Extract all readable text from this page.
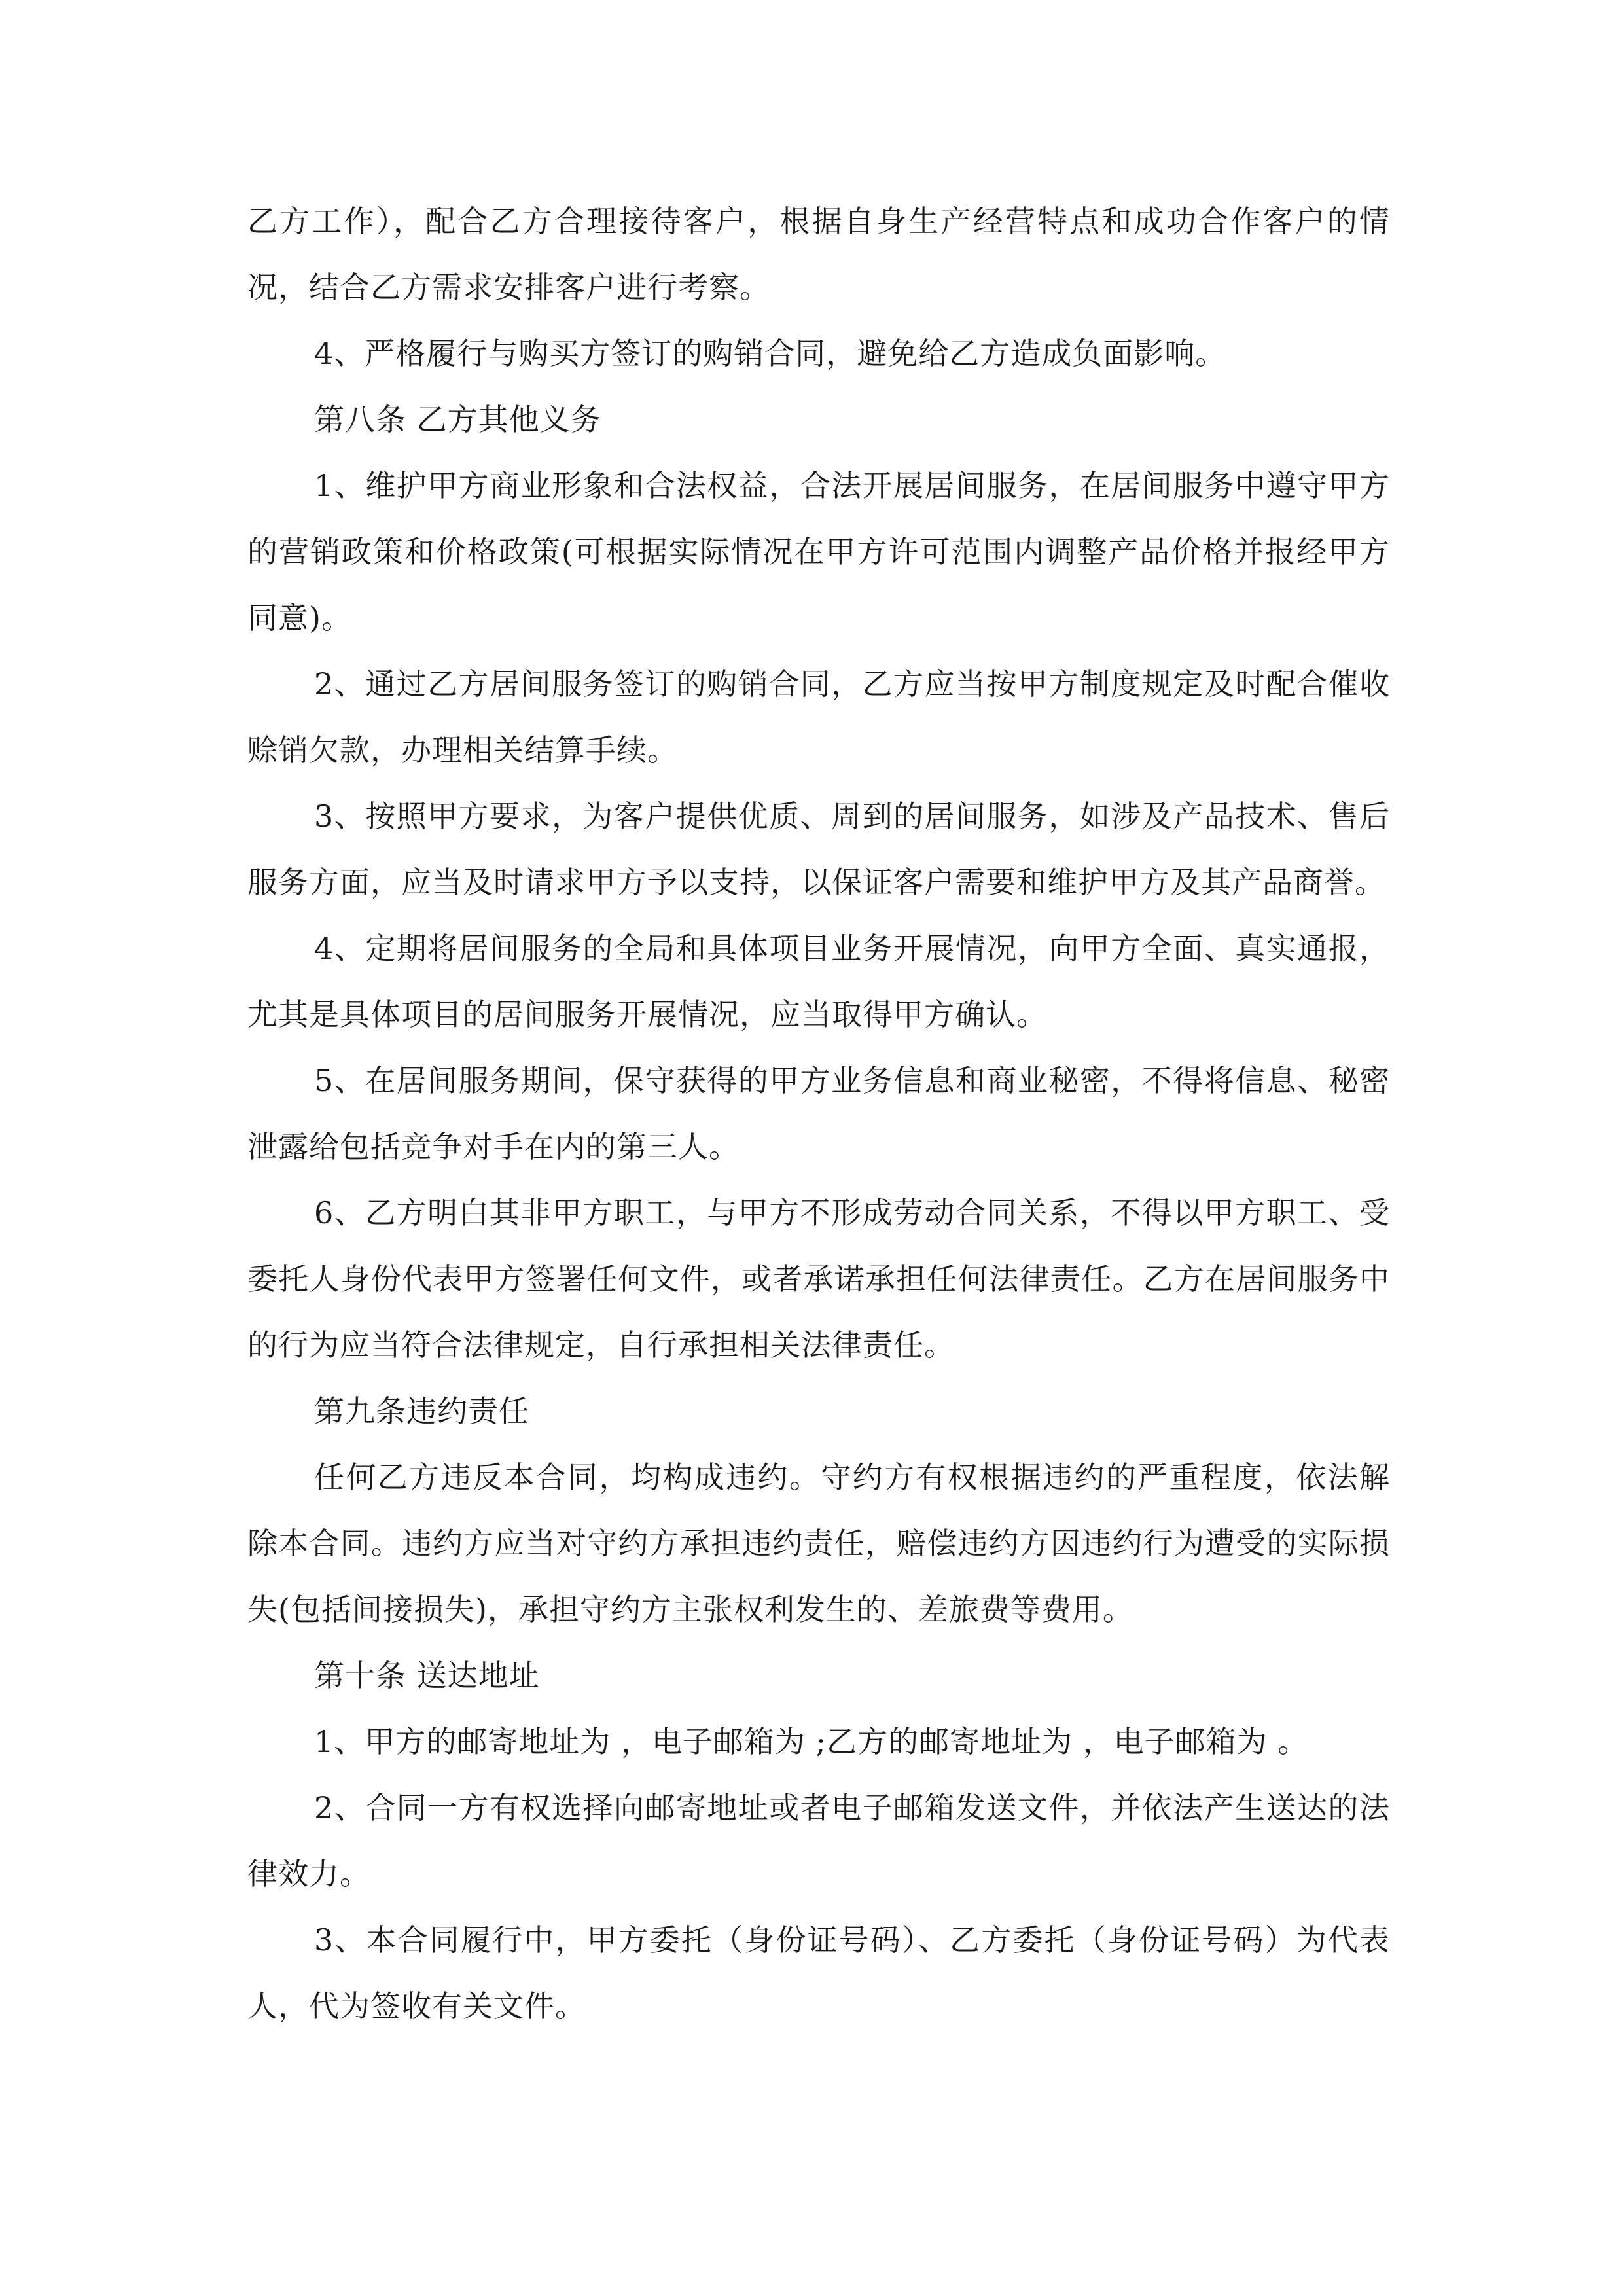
乙方工作），配合乙方合理接待客户，根据自身生产经营特点和成功合作客户的情况，结合乙方需求安排客户进行考察。

4、严格履行与购买方签订的购销合同，避免给乙方造成负面影响。

第八条 乙方其他义务

1、维护甲方商业形象和合法权益，合法开展居间服务，在居间服务中遵守甲方的营销政策和价格政策(可根据实际情况在甲方许可范围内调整产品价格并报经甲方同意)。

2、通过乙方居间服务签订的购销合同，乙方应当按甲方制度规定及时配合催收赊销欠款，办理相关结算手续。

3、按照甲方要求，为客户提供优质、周到的居间服务，如涉及产品技术、售后服务方面，应当及时请求甲方予以支持，以保证客户需要和维护甲方及其产品商誉。

4、定期将居间服务的全局和具体项目业务开展情况，向甲方全面、真实通报，尤其是具体项目的居间服务开展情况，应当取得甲方确认。

5、在居间服务期间，保守获得的甲方业务信息和商业秘密，不得将信息、秘密泄露给包括竞争对手在内的第三人。

6、乙方明白其非甲方职工，与甲方不形成劳动合同关系，不得以甲方职工、受委托人身份代表甲方签署任何文件，或者承诺承担任何法律责任。乙方在居间服务中的行为应当符合法律规定，自行承担相关法律责任。

第九条违约责任

任何乙方违反本合同，均构成违约。守约方有权根据违约的严重程度，依法解除本合同。违约方应当对守约方承担违约责任，赔偿违约方因违约行为遭受的实际损失(包括间接损失)，承担守约方主张权利发生的、差旅费等费用。

第十条 送达地址

1、甲方的邮寄地址为 ，电子邮箱为 ;乙方的邮寄地址为 ，电子邮箱为 。

2、合同一方有权选择向邮寄地址或者电子邮箱发送文件，并依法产生送达的法律效力。

3、本合同履行中，甲方委托（身份证号码）、乙方委托（身份证号码）为代表人，代为签收有关文件。
